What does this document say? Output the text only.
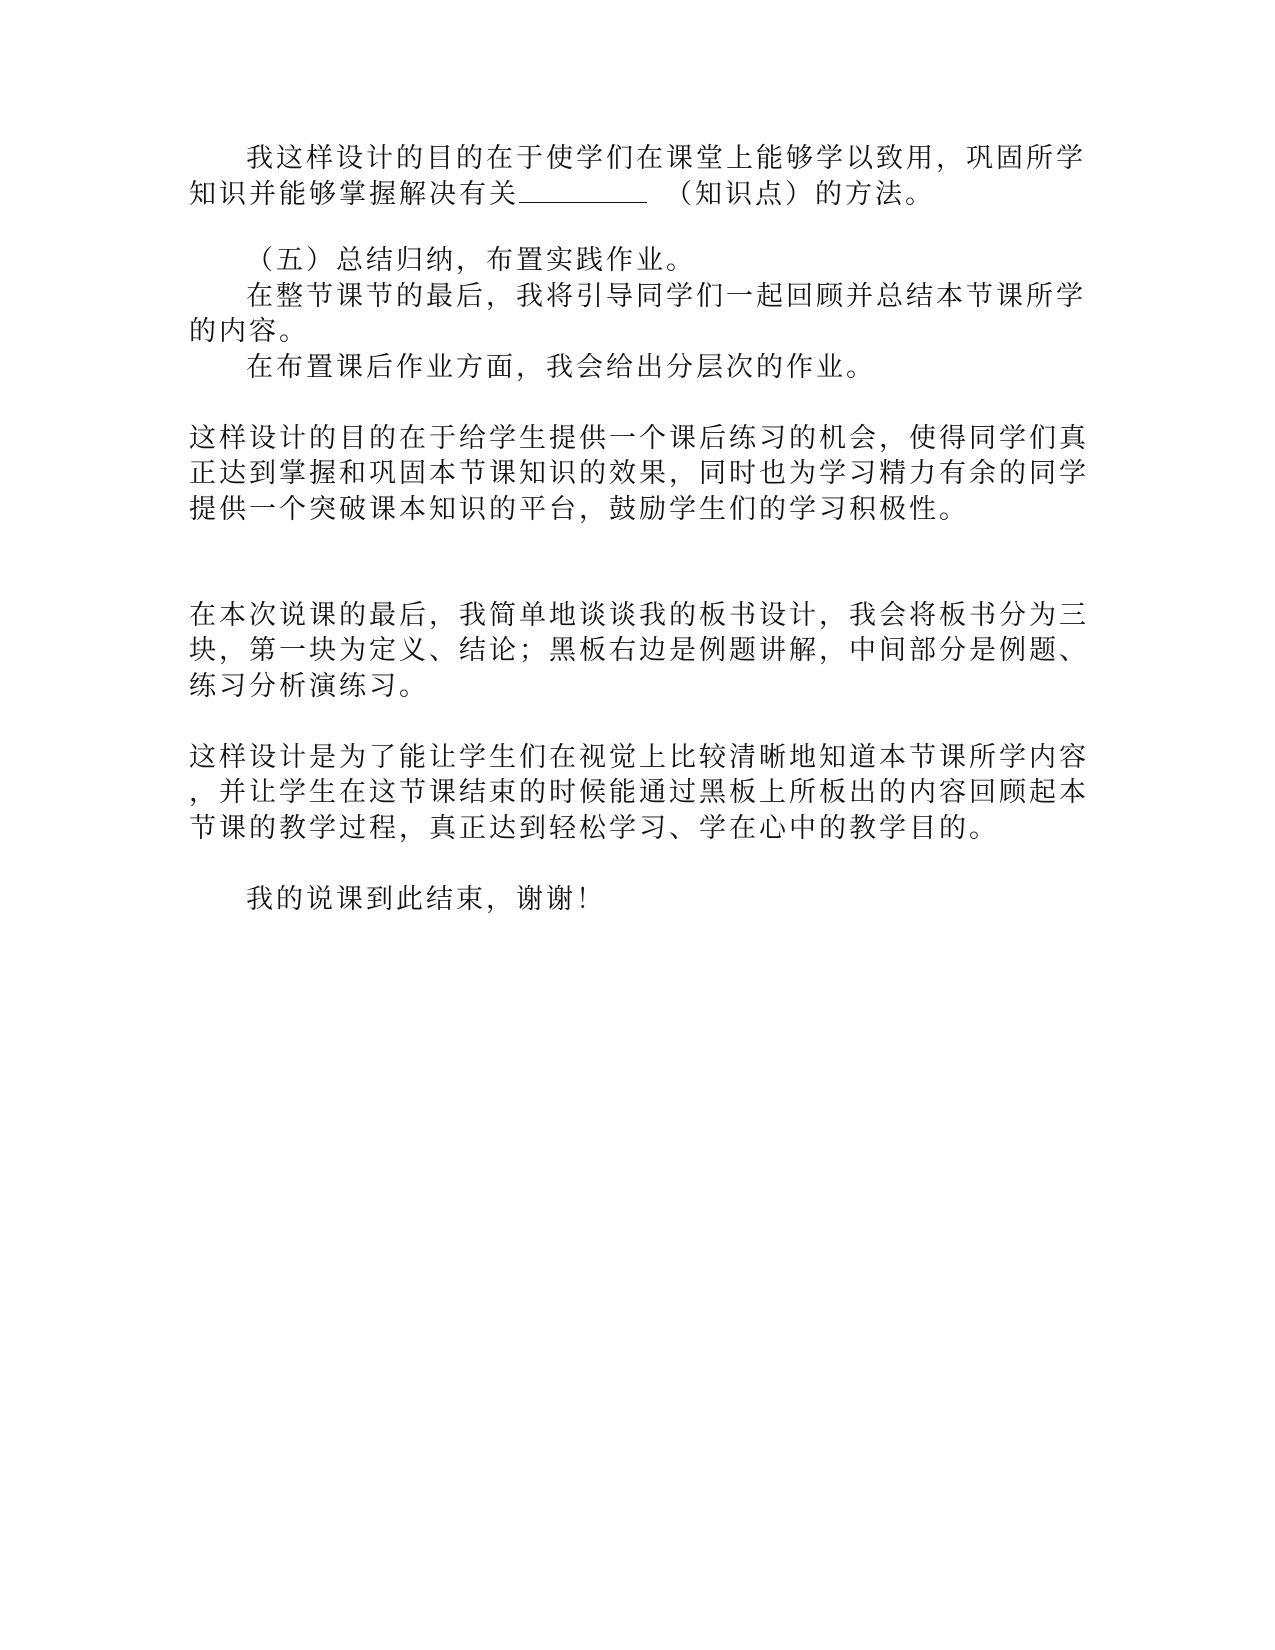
我这样设计的目的在于使学们在课堂上能够学以致用，巩固所学

知识并能够掌握解决有关	（知识点）的方法。

（五）总结归纳，布置实践作业。

在整节课节的最后，我将引导同学们一起回顾并总结本节课所学

的内容。

在布置课后作业方面，我会给出分层次的作业。

这样设计的目的在于给学生提供一个课后练习的机会，使得同学们真

正达到掌握和巩固本节课知识的效果，同时也为学习精力有余的同学

提供一个突破课本知识的平台，鼓励学生们的学习积极性。

在本次说课的最后，我简单地谈谈我的板书设计，我会将板书分为三

块，第一块为定义、结论；黑板右边是例题讲解，中间部分是例题、

练习分析演练习。

这样设计是为了能让学生们在视觉上比较清晰地知道本节课所学内容

，并让学生在这节课结束的时候能通过黑板上所板出的内容回顾起本

节课的教学过程，真正达到轻松学习、学在心中的教学目的。

我的说课到此结束，谢谢！
